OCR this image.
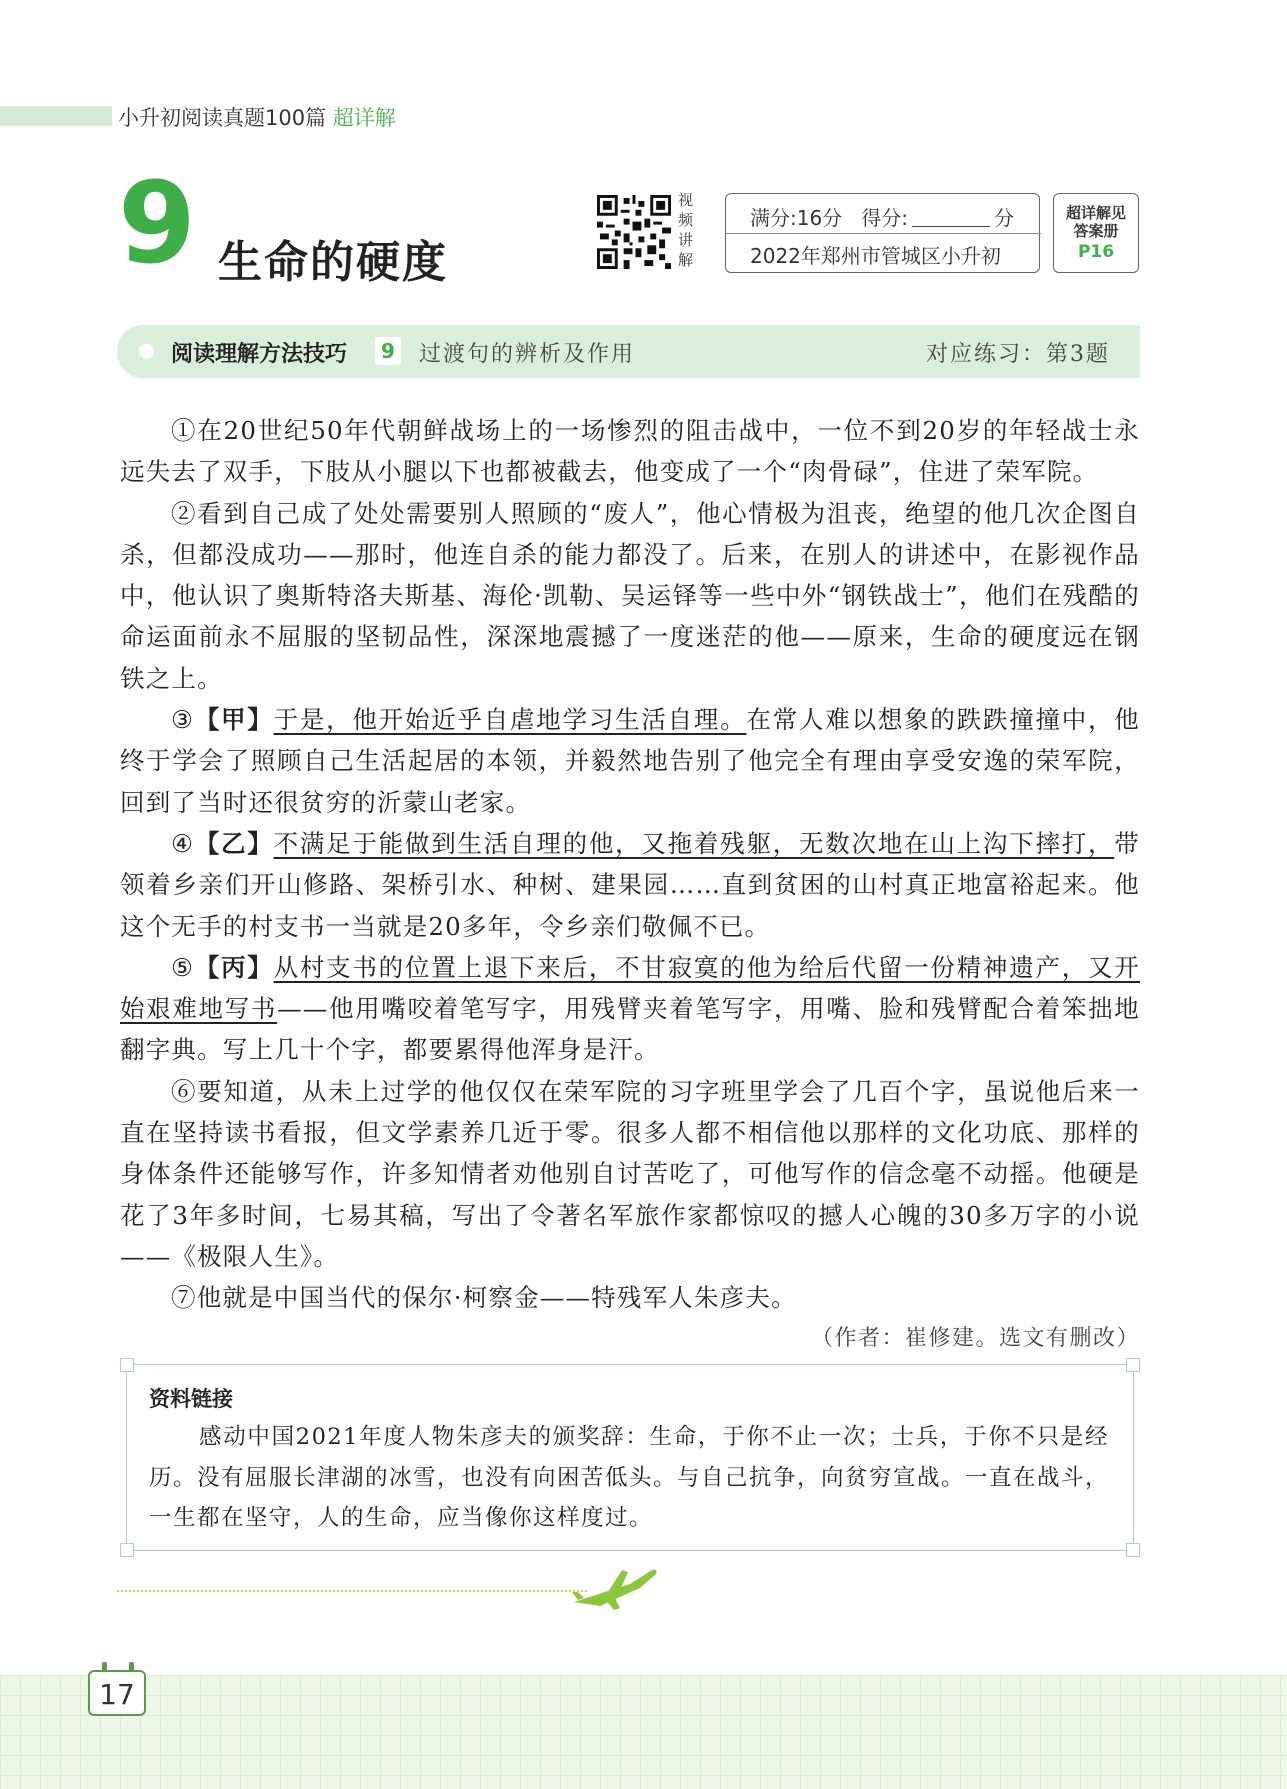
小升初阅读真题100篇 超详解
9 生命的硬度
视
频
讲
解
满分:16分 得分:	分
2022年郑州市管城区小升初
超详解见
答案册
P16
阅读理解方法技巧	9 过渡句的辨析及作用	对应练习：第3题

①在20世纪50年代朝鲜战场上的一场惨烈的阻击战中，一位不到20岁的年轻战士永远失去了双手，下肢从小腿以下也都被截去，他变成了一个“肉骨碌”，住进了荣军院。

②看到自己成了处处需要别人照顾的“废人”，他心情极为沮丧，绝望的他几次企图自杀，但都没成功——那时，他连自杀的能力都没了。后来，在别人的讲述中，在影视作品中，他认识了奥斯特洛夫斯基、海伦·凯勒、吴运铎等一些中外“钢铁战士”，他们在残酷的命运面前永不屈服的坚韧品性，深深地震撼了一度迷茫的他——原来，生命的硬度远在钢铁之上。

③【甲】于是，他开始近乎自虐地学习生活自理。在常人难以想象的跌跌撞撞中，他终于学会了照顾自己生活起居的本领，并毅然地告别了他完全有理由享受安逸的荣军院，回到了当时还很贫穷的沂蒙山老家。

④【乙】不满足于能做到生活自理的他，又拖着残躯，无数次地在山上沟下摔打，带领着乡亲们开山修路、架桥引水、种树、建果园……直到贫困的山村真正地富裕起来。他这个无手的村支书一当就是20多年，令乡亲们敬佩不已。

⑤【丙】从村支书的位置上退下来后，不甘寂寞的他为给后代留一份精神遗产，又开始艰难地写书——他用嘴咬着笔写字，用残臂夹着笔写字，用嘴、脸和残臂配合着笨拙地翻字典。写上几十个字，都要累得他浑身是汗。

⑥要知道，从未上过学的他仅仅在荣军院的习字班里学会了几百个字，虽说他后来一直在坚持读书看报，但文学素养几近于零。很多人都不相信他以那样的文化功底、那样的身体条件还能够写作，许多知情者劝他别自讨苦吃了，可他写作的信念毫不动摇。他硬是花了3年多时间，七易其稿，写出了令著名军旅作家都惊叹的撼人心魄的30多万字的小说——《极限人生》。

⑦他就是中国当代的保尔·柯察金——特残军人朱彦夫。

（作者：崔修建。选文有删改）
资料链接

感动中国2021年度人物朱彦夫的颁奖辞：生命，于你不止一次；士兵，于你不只是经历。没有屈服长津湖的冰雪，也没有向困苦低头。与自己抗争，向贫穷宣战。一直在战斗，一生都在坚守，人的生命，应当像你这样度过。

17
